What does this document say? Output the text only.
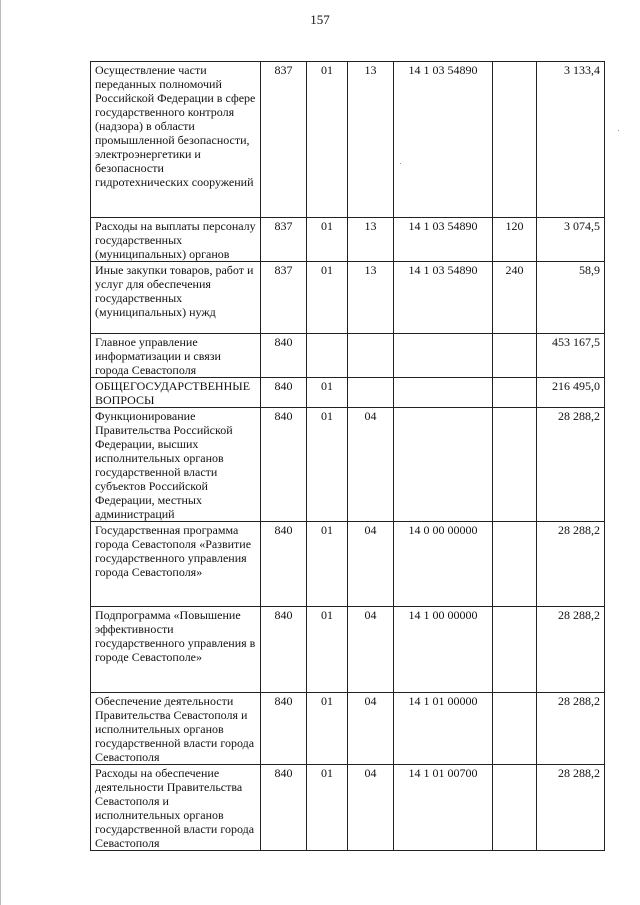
157
Осуществление части переданных полномочий Российской Федерации в сфере государственного контроля (надзора) в области промышленной безопасности, электроэнергетики и безопасности гидротехнических сооружений	837	01	13	14 1 03 54890		3 133,4
Расходы на выплаты персоналу государственных (муниципальных) органов	837	01	13	14 1 03 54890	120	3 074,5
Иные закупки товаров, работ и услуг для обеспечения государственных (муниципальных) нужд	837	01	13	14 1 03 54890	240	58,9
Главное управление информатизации и связи города Севастополя	840					453 167,5
ОБЩЕГОСУДАРСТВЕННЫЕ ВОПРОСЫ	840	01				216 495,0
Функционирование Правительства Российской Федерации, высших исполнительных органов государственной власти субъектов Российской Федерации, местных администраций	840	01	04			28 288,2
Государственная программа города Севастополя «Развитие государственного управления города Севастополя»	840	01	04	14 0 00 00000		28 288,2
Подпрограмма «Повышение эффективности государственного управления в городе Севастополе»	840	01	04	14 1 00 00000		28 288,2
Обеспечение деятельности Правительства Севастополя и исполнительных органов государственной власти города Севастополя	840	01	04	14 1 01 00000		28 288,2
Расходы на обеспечение деятельности Правительства Севастополя и исполнительных органов государственной власти города Севастополя	840	01	04	14 1 01 00700		28 288,2
